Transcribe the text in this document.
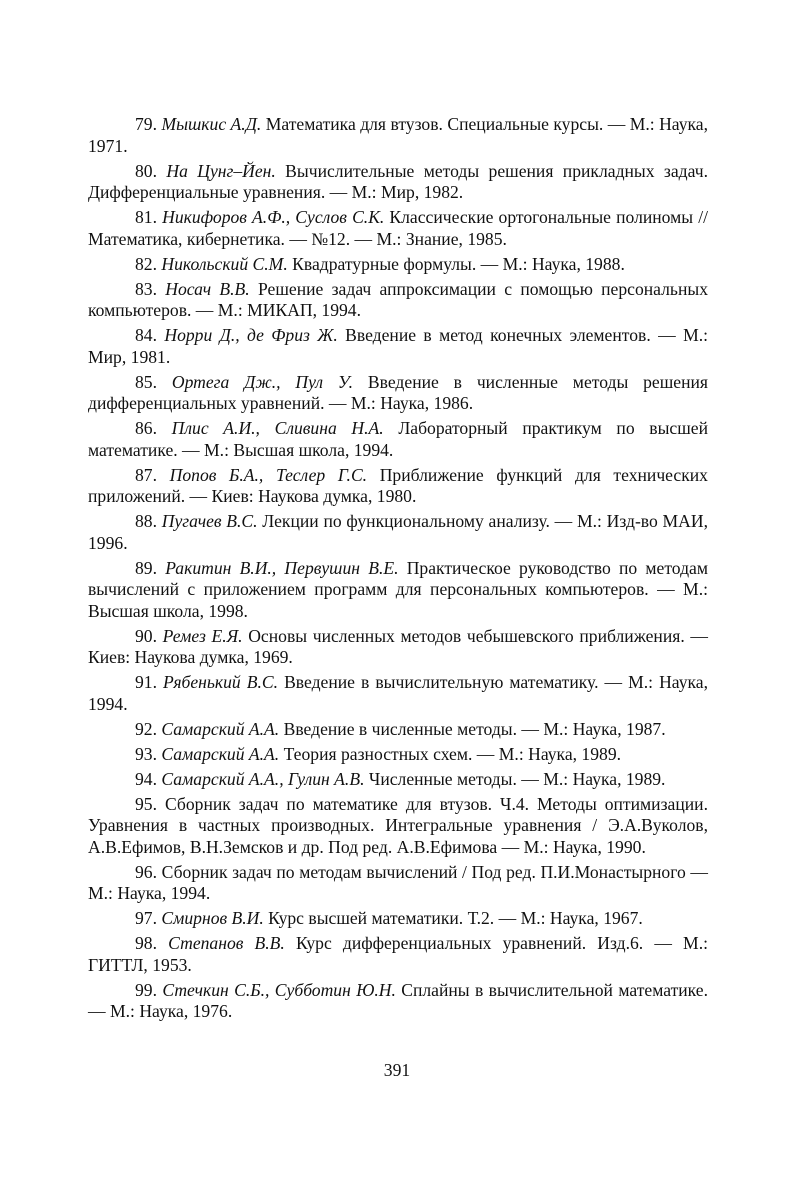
79. Мышкис А.Д. Математика для втузов. Специальные курсы. — М.: Наука, 1971.

80. На Цунг–Йен. Вычислительные методы решения прикладных задач. Дифференциальные уравнения. — М.: Мир, 1982.

81. Никифоров А.Ф., Суслов С.К. Классические ортогональные полиномы // Математика, кибернетика. — №12. — М.: Знание, 1985.

82. Никольский С.М. Квадратурные формулы. — М.: Наука, 1988.

83. Носач В.В. Решение задач аппроксимации с помощью персональных компьютеров. — М.: МИКАП, 1994.

84. Норри Д., де Фриз Ж. Введение в метод конечных элементов. — М.: Мир, 1981.

85. Ортега Дж., Пул У. Введение в численные методы решения дифференциальных уравнений. — М.: Наука, 1986.

86. Плис А.И., Сливина Н.А. Лабораторный практикум по высшей математике. — М.: Высшая школа, 1994.

87. Попов Б.А., Теслер Г.С. Приближение функций для технических приложений. — Киев: Наукова думка, 1980.

88. Пугачев В.С. Лекции по функциональному анализу. — М.: Изд-во МАИ, 1996.

89. Ракитин В.И., Первушин В.Е. Практическое руководство по методам вычислений с приложением программ для персональных компьютеров. — М.: Высшая школа, 1998.

90. Ремез Е.Я. Основы численных методов чебышевского приближения. — Киев: Наукова думка, 1969.

91. Рябенький В.С. Введение в вычислительную математику. — М.: Наука, 1994.

92. Самарский А.А. Введение в численные методы. — М.: Наука, 1987.

93. Самарский А.А. Теория разностных схем. — М.: Наука, 1989.

94. Самарский А.А., Гулин А.В. Численные методы. — М.: Наука, 1989.

95. Сборник задач по математике для втузов. Ч.4. Методы оптимизации. Уравнения в частных производных. Интегральные уравнения / Э.А.Вуколов, А.В.Ефимов, В.Н.Земсков и др. Под ред. А.В.Ефимова — М.: Наука, 1990.

96. Сборник задач по методам вычислений / Под ред. П.И.Монастырного — М.: Наука, 1994.

97. Смирнов В.И. Курс высшей математики. Т.2. — М.: Наука, 1967.

98. Степанов В.В. Курс дифференциальных уравнений. Изд.6. — М.: ГИТТЛ, 1953.

99. Стечкин С.Б., Субботин Ю.Н. Сплайны в вычислительной математике. — М.: Наука, 1976.

391
